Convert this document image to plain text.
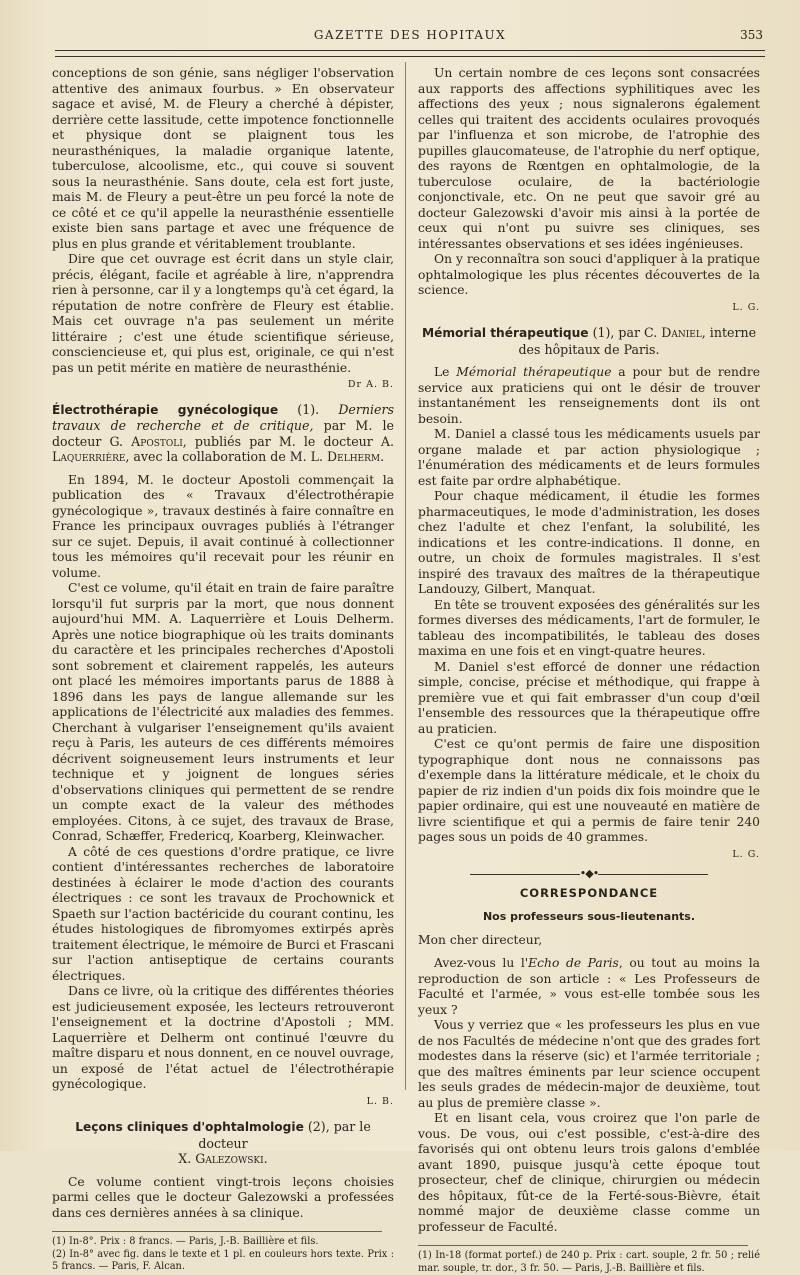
GAZETTE DES HOPITAUX	353

conceptions de son génie, sans négliger l'observation attentive des animaux fourbus. » En observateur sagace et avisé, M. de Fleury a cherché à dépister, derrière cette lassitude, cette impotence fonctionnelle et physique dont se plaignent tous les neurasthéniques, la maladie organique latente, tuberculose, alcoolisme, etc., qui couve si souvent sous la neurasthénie. Sans doute, cela est fort juste, mais M. de Fleury a peut-être un peu forcé la note de ce côté et ce qu'il appelle la neurasthénie essentielle existe bien sans partage et avec une fréquence de plus en plus grande et véritablement troublante.

Dire que cet ouvrage est écrit dans un style clair, précis, élégant, facile et agréable à lire, n'apprendra rien à personne, car il y a longtemps qu'à cet égard, la réputation de notre confrère de Fleury est établie. Mais cet ouvrage n'a pas seulement un mérite littéraire ; c'est une étude scientifique sérieuse, consciencieuse et, qui plus est, originale, ce qui n'est pas un petit mérite en matière de neurasthénie.

Dr A. B.

Électrothérapie gynécologique (1). Derniers travaux de recherche et de critique, par M. le docteur G. Apostoli, publiés par M. le docteur A. Laquerrière, avec la collaboration de M. L. Delherm.

En 1894, M. le docteur Apostoli commençait la publication des « Travaux d'électrothérapie gynécologique », travaux destinés à faire connaître en France les principaux ouvrages publiés à l'étranger sur ce sujet. Depuis, il avait continué à collectionner tous les mémoires qu'il recevait pour les réunir en volume.

C'est ce volume, qu'il était en train de faire paraître lorsqu'il fut surpris par la mort, que nous donnent aujourd'hui MM. A. Laquerrière et Louis Delherm. Après une notice biographique où les traits dominants du caractère et les principales recherches d'Apostoli sont sobrement et clairement rappelés, les auteurs ont placé les mémoires importants parus de 1888 à 1896 dans les pays de langue allemande sur les applications de l'électricité aux maladies des femmes. Cherchant à vulgariser l'enseignement qu'ils avaient reçu à Paris, les auteurs de ces différents mémoires décrivent soigneusement leurs instruments et leur technique et y joignent de longues séries d'observations cliniques qui permettent de se rendre un compte exact de la valeur des méthodes employées. Citons, à ce sujet, des travaux de Brase, Conrad, Schæffer, Fredericq, Koarberg, Kleinwacher.

A côté de ces questions d'ordre pratique, ce livre contient d'intéressantes recherches de laboratoire destinées à éclairer le mode d'action des courants électriques : ce sont les travaux de Prochownick et Spaeth sur l'action bactéricide du courant continu, les études histologiques de fibromyomes extirpés après traitement électrique, le mémoire de Burci et Frascani sur l'action antiseptique de certains courants électriques.

Dans ce livre, où la critique des différentes théories est judicieusement exposée, les lecteurs retrouveront l'enseignement et la doctrine d'Apostoli ; MM. Laquerrière et Delherm ont continué l'œuvre du maître disparu et nous donnent, en ce nouvel ouvrage, un exposé de l'état actuel de l'électrothérapie gynécologique.

L. B.

Leçons cliniques d'ophtalmologie (2), par le docteur
X. Galezowski.

Ce volume contient vingt-trois leçons choisies parmi celles que le docteur Galezowski a professées dans ces dernières années à sa clinique.

(1) In-8°. Prix : 8 francs. — Paris, J.-B. Baillière et fils.

(2) In-8° avec fig. dans le texte et 1 pl. en couleurs hors texte. Prix : 5 francs. — Paris, F. Alcan.

Un certain nombre de ces leçons sont consacrées aux rapports des affections syphilitiques avec les affections des yeux ; nous signalerons également celles qui traitent des accidents oculaires provoqués par l'influenza et son microbe, de l'atrophie des pupilles glaucomateuse, de l'atrophie du nerf optique, des rayons de Rœntgen en ophtalmologie, de la tuberculose oculaire, de la bactériologie conjonctivale, etc. On ne peut que savoir gré au docteur Galezowski d'avoir mis ainsi à la portée de ceux qui n'ont pu suivre ses cliniques, ses intéressantes observations et ses idées ingénieuses.

On y reconnaîtra son souci d'appliquer à la pratique ophtalmologique les plus récentes découvertes de la science.

L. G.

Mémorial thérapeutique (1), par C. Daniel, interne des hôpitaux de Paris.

Le Mémorial thérapeutique a pour but de rendre service aux praticiens qui ont le désir de trouver instantanément les renseignements dont ils ont besoin.

M. Daniel a classé tous les médicaments usuels par organe malade et par action physiologique ; l'énumération des médicaments et de leurs formules est faite par ordre alphabétique.

Pour chaque médicament, il étudie les formes pharmaceutiques, le mode d'administration, les doses chez l'adulte et chez l'enfant, la solubilité, les indications et les contre-indications. Il donne, en outre, un choix de formules magistrales. Il s'est inspiré des travaux des maîtres de la thérapeutique Landouzy, Gilbert, Manquat.

En tête se trouvent exposées des généralités sur les formes diverses des médicaments, l'art de formuler, le tableau des incompatibilités, le tableau des doses maxima en une fois et en vingt-quatre heures.

M. Daniel s'est efforcé de donner une rédaction simple, concise, précise et méthodique, qui frappe à première vue et qui fait embrasser d'un coup d'œil l'ensemble des ressources que la thérapeutique offre au praticien.

C'est ce qu'ont permis de faire une disposition typographique dont nous ne connaissons pas d'exemple dans la littérature médicale, et le choix du papier de riz indien d'un poids dix fois moindre que le papier ordinaire, qui est une nouveauté en matière de livre scientifique et qui a permis de faire tenir 240 pages sous un poids de 40 grammes.

L. G.
•◆•
CORRESPONDANCE
Nos professeurs sous-lieutenants.

Mon cher directeur,

Avez-vous lu l'Echo de Paris, ou tout au moins la reproduction de son article : « Les Professeurs de Faculté et l'armée, » vous est-elle tombée sous les yeux ?

Vous y verriez que « les professeurs les plus en vue de nos Facultés de médecine n'ont que des grades fort modestes dans la réserve (sic) et l'armée territoriale ; que des maîtres éminents par leur science occupent les seuls grades de médecin-major de deuxième, tout au plus de première classe ».

Et en lisant cela, vous croirez que l'on parle de vous. De vous, oui c'est possible, c'est-à-dire des favorisés qui ont obtenu leurs trois galons d'emblée avant 1890, puisque jusqu'à cette époque tout prosecteur, chef de clinique, chirurgien ou médecin des hôpitaux, fût-ce de la Ferté-sous-Bièvre, était nommé major de deuxième classe comme un professeur de Faculté.

(1) In-18 (format portef.) de 240 p. Prix : cart. souple, 2 fr. 50 ; relié mar. souple, tr. dor., 3 fr. 50. — Paris, J.-B. Baillière et fils.
